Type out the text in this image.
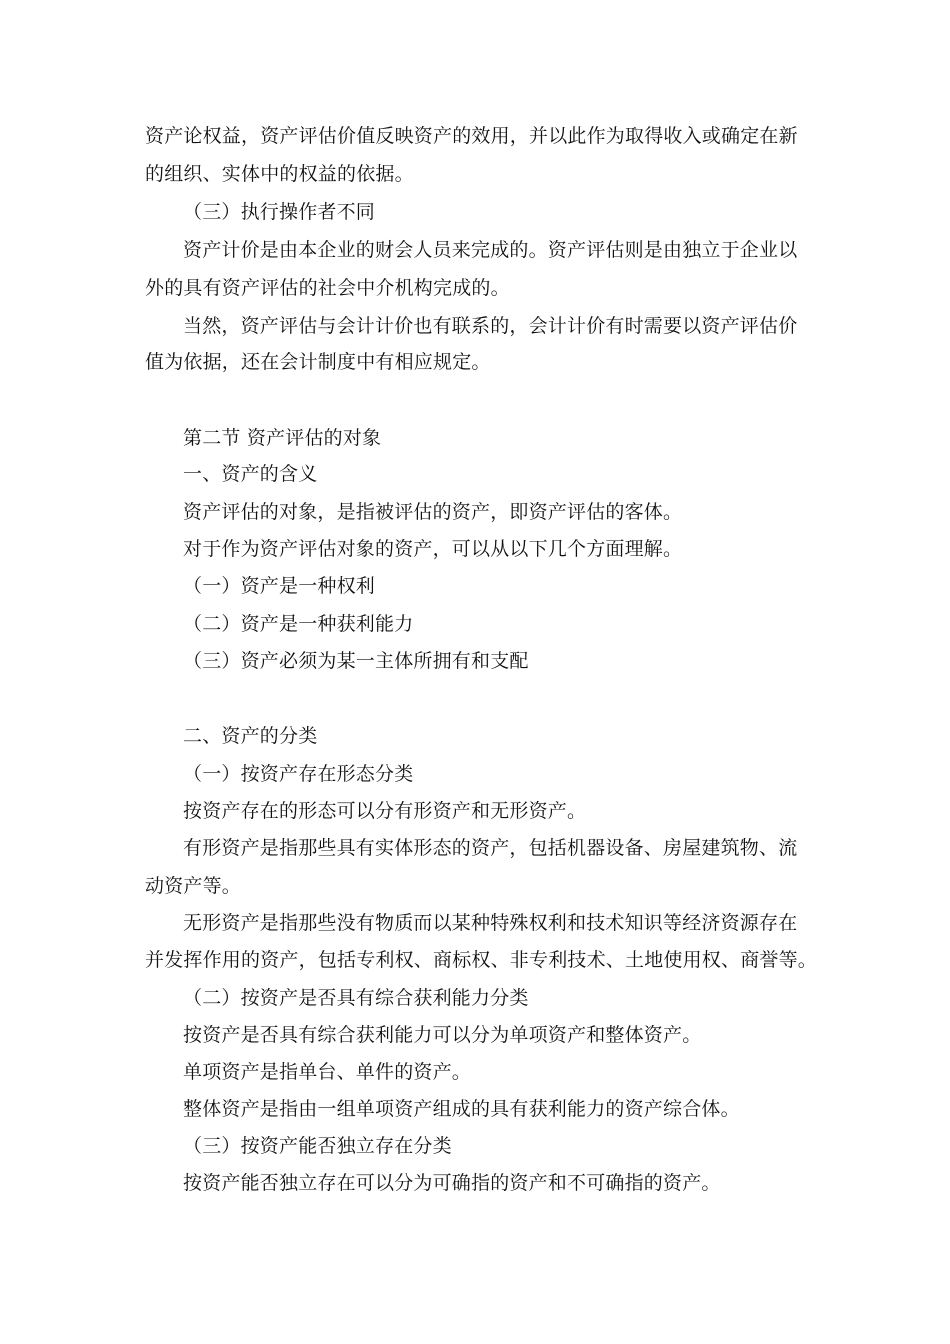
资产论权益，资产评估价值反映资产的效用，并以此作为取得收入或确定在新
的组织、实体中的权益的依据。
（三）执行操作者不同
资产计价是由本企业的财会人员来完成的。资产评估则是由独立于企业以
外的具有资产评估的社会中介机构完成的。
当然，资产评估与会计计价也有联系的，会计计价有时需要以资产评估价
值为依据，还在会计制度中有相应规定。
第二节 资产评估的对象
一、资产的含义
资产评估的对象，是指被评估的资产，即资产评估的客体。
对于作为资产评估对象的资产，可以从以下几个方面理解。
（一）资产是一种权利
（二）资产是一种获利能力
（三）资产必须为某一主体所拥有和支配
二、资产的分类
（一）按资产存在形态分类
按资产存在的形态可以分有形资产和无形资产。
有形资产是指那些具有实体形态的资产，包括机器设备、房屋建筑物、流
动资产等。
无形资产是指那些没有物质而以某种特殊权利和技术知识等经济资源存在
并发挥作用的资产，包括专利权、商标权、非专利技术、土地使用权、商誉等。
（二）按资产是否具有综合获利能力分类
按资产是否具有综合获利能力可以分为单项资产和整体资产。
单项资产是指单台、单件的资产。
整体资产是指由一组单项资产组成的具有获利能力的资产综合体。
（三）按资产能否独立存在分类
按资产能否独立存在可以分为可确指的资产和不可确指的资产。
